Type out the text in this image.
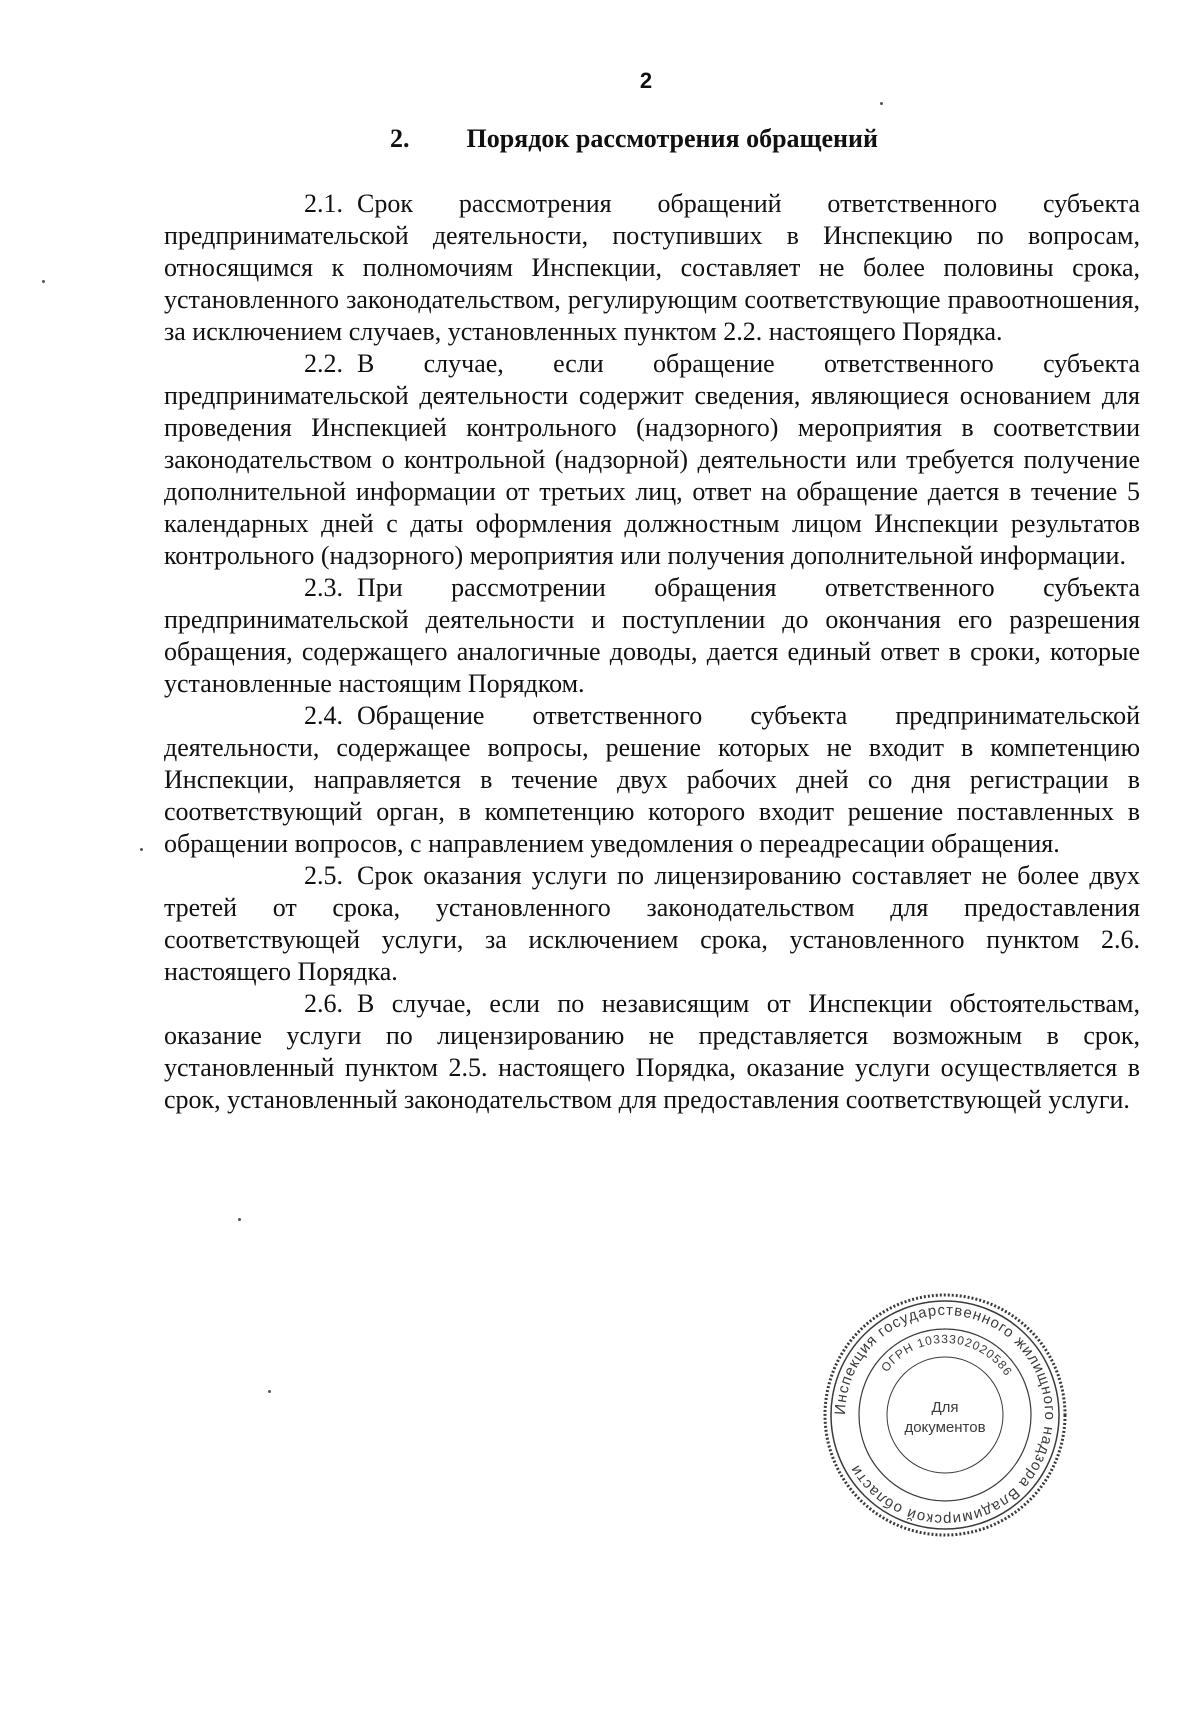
2
2. Порядок рассмотрения обращений

2.1. Срок рассмотрения обращений ответственного субъекта предпринимательской деятельности, поступивших в Инспекцию по вопросам, относящимся к полномочиям Инспекции, составляет не более половины срока, установленного законодательством, регулирующим соответствующие правоотношения, за исключением случаев, установленных пунктом 2.2. настоящего Порядка.

2.2. В случае, если обращение ответственного субъекта предпринимательской деятельности содержит сведения, являющиеся основанием для проведения Инспекцией контрольного (надзорного) мероприятия в соответствии законодательством о контрольной (надзорной) деятельности или требуется получение дополнительной информации от третьих лиц, ответ на обращение дается в течение 5 календарных дней с даты оформления должностным лицом Инспекции результатов контрольного (надзорного) мероприятия или получения дополнительной информации.

2.3. При рассмотрении обращения ответственного субъекта предпринимательской деятельности и поступлении до окончания его разрешения обращения, содержащего аналогичные доводы, дается единый ответ в сроки, которые установленные настоящим Порядком.

2.4. Обращение ответственного субъекта предпринимательской деятельности, содержащее вопросы, решение которых не входит в компетенцию Инспекции, направляется в течение двух рабочих дней со дня регистрации в соответствующий орган, в компетенцию которого входит решение поставленных в обращении вопросов, с направлением уведомления о переадресации обращения.

2.5. Срок оказания услуги по лицензированию составляет не более двух третей от срока, установленного законодательством для предоставления соответствующей услуги, за исключением срока, установленного пунктом 2.6. настоящего Порядка.

2.6. В случае, если по независящим от Инспекции обстоятельствам, оказание услуги по лицензированию не представляется возможным в срок, установленный пунктом 2.5. настоящего Порядка, оказание услуги осуществляется в срок, установленный законодательством для предоставления соответствующей услуги.

Инспекция государственного жилищного надзора Владимирской области
ОГРН 1033302020586
Для
документов
